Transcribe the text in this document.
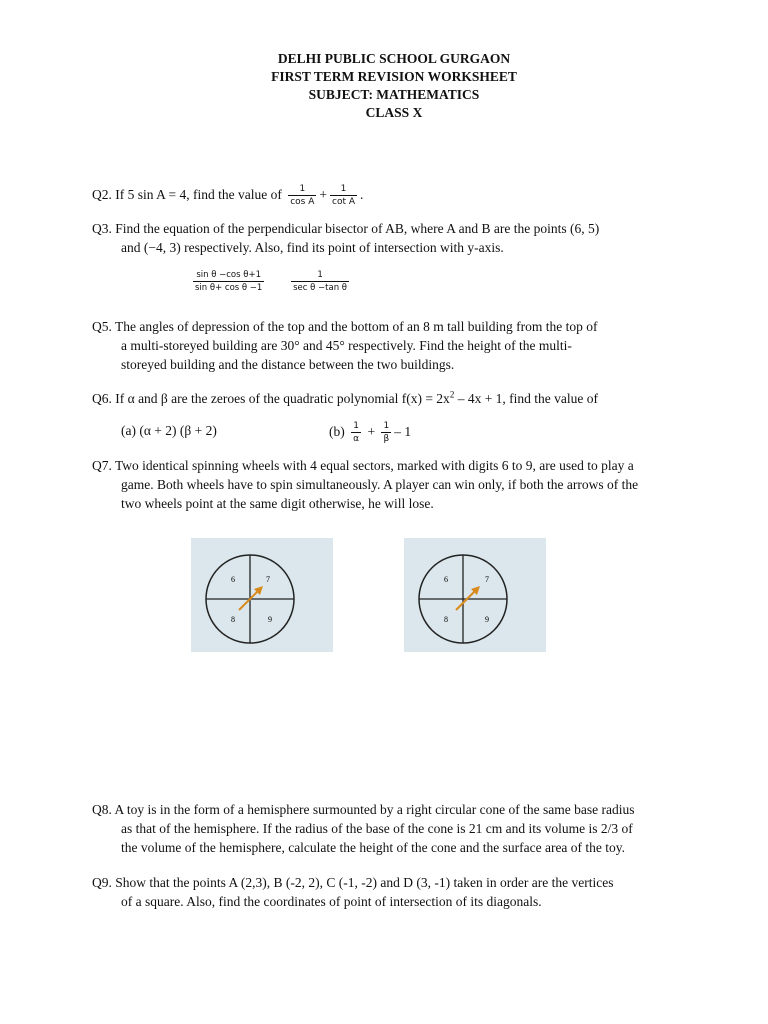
DELHI PUBLIC SCHOOL GURGAON
FIRST TERM REVISION WORKSHEET
SUBJECT: MATHEMATICS
CLASS X
Q2. If 5 sin A = 4, find the value of $\frac{1}{\text{cos A}} + \frac{1}{\text{cot A}}$ .
Q3. Find the equation of the perpendicular bisector of AB, where A and B are the points (6, 5)
and (−4, 3) respectively. Also, find its point of intersection with y-axis.
$\frac{\text{sin θ −cos θ+1}}{\text{sin θ+ cos θ −1}}$
	$\frac{1}{\text{sec θ −tan θ}}$
Q5. The angles of depression of the top and the bottom of an 8 m tall building from the top of
a multi-storeyed building are 30° and 45° respectively. Find the height of the multi-
storeyed building and the distance between the two buildings.
Q6. If α and β are the zeroes of the quadratic polynomial $f(x) = 2x^2 - 4x + 1$, find the value of
(a) (α + 2) (β + 2)	$(b) \frac{1}{\alpha} + \frac{1}{\beta} - 1$
Q7. Two identical spinning wheels with 4 equal sectors, marked with digits 6 to 9, are used to play a
game. Both wheels have to spin simultaneously. A player can win only, if both the arrows of the
two wheels point at the same digit otherwise, he will lose.
6	7
8	9
6	7
8	9
Q8. A toy is in the form of a hemisphere surmounted by a right circular cone of the same base radius
as that of the hemisphere. If the radius of the base of the cone is 21 cm and its volume is 2/3 of
the volume of the hemisphere, calculate the height of the cone and the surface area of the toy.
Q9. Show that the points A (2,3), B (-2, 2), C (-1, -2) and D (3, -1) taken in order are the vertices
of a square. Also, find the coordinates of point of intersection of its diagonals.
